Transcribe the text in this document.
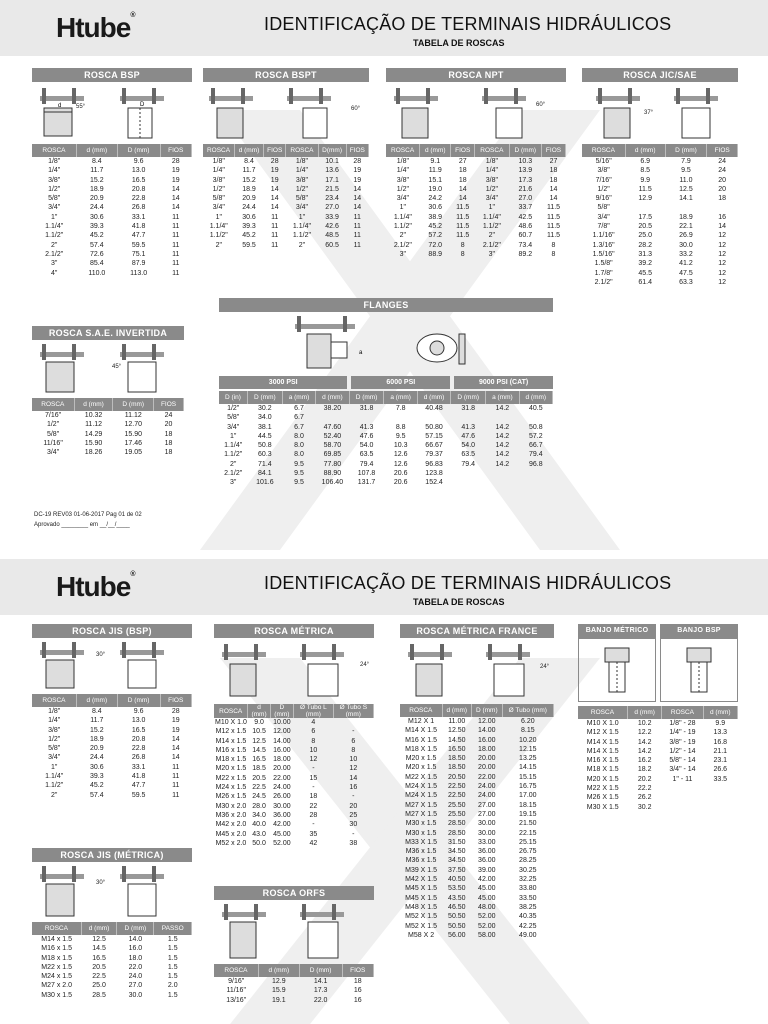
Htube®	IDENTIFICAÇÃO DE TERMINAIS HIDRÁULICOS
TABELA DE ROSCAS
ROSCA BSP
d	D
55°
ROSCA	d (mm)	D (mm)	FIOS
1/8"	8.4	9.6	28
1/4"	11.7	13.0	19
3/8"	15.2	16.5	19
1/2"	18.9	20.8	14
5/8"	20.9	22.8	14
3/4"	24.4	26.8	14
1"	30.6	33.1	11
1.1/4"	39.3	41.8	11
1.1/2"	45.2	47.7	11
2"	57.4	59.5	11
2.1/2"	72.6	75.1	11
3"	85.4	87.9	11
4"	110.0	113.0	11
ROSCA BSPT
60°
ROSCA	d (mm)	FIOS	ROSCA	D(mm)	FIOS
1/8"	8.4	28	1/8"	10.1	28
1/4"	11.7	19	1/4"	13.6	19
3/8"	15.2	19	3/8"	17.1	19
1/2"	18.9	14	1/2"	21.5	14
5/8"	20.9	14	5/8"	23.4	14
3/4"	24.4	14	3/4"	27.0	14
1"	30.6	11	1"	33.9	11
1.1/4"	39.3	11	1.1/4"	42.6	11
1.1/2"	45.2	11	1.1/2"	48.5	11
2"	59.5	11	2"	60.5	11
ROSCA NPT
60°
ROSCA	d (mm)	FIOS	ROSCA	D (mm)	FIOS
1/8"	9.1	27	1/8"	10.3	27
1/4"	11.9	18	1/4"	13.9	18
3/8"	15.1	18	3/8"	17.3	18
1/2"	19.0	14	1/2"	21.6	14
3/4"	24.2	14	3/4"	27.0	14
1"	30.6	11.5	1"	33.7	11.5
1.1/4"	38.9	11.5	1.1/4"	42.5	11.5
1.1/2"	45.2	11.5	1.1/2"	48.6	11.5
2"	57.2	11.5	2"	60.7	11.5
2.1/2"	72.0	8	2.1/2"	73.4	8
3"	88.9	8	3"	89.2	8
ROSCA JIC/SAE
37°
ROSCA	d (mm)	D (mm)	FIOS
5/16"	6.9	7.9	24
3/8"	8.5	9.5	24
7/16"	9.9	11.0	20
1/2"	11.5	12.5	20
9/16"	12.9	14.1	18
5/8"			
3/4"	17.5	18.9	16
7/8"	20.5	22.1	14
1.1/16"	25.0	26.9	12
1.3/16"	28.2	30.0	12
1.5/16"	31.3	33.2	12
1.5/8"	39.2	41.2	12
1.7/8"	45.5	47.5	12
2.1/2"	61.4	63.3	12
ROSCA S.A.E. INVERTIDA
45°
ROSCA	d (mm)	D (mm)	FIOS
7/16"	10.32	11.12	24
1/2"	11.12	12.70	20
5/8"	14.29	15.90	18
11/16"	15.90	17.46	18
3/4"	18.26	19.05	18
FLANGES
a
3000 PSI	6000 PSI	9000 PSI (CAT)
D (in)	D (mm)	a (mm)	d (mm)	D (mm)	a (mm)	d (mm)	D (mm)	a (mm)	d (mm)
1/2"	30.2	6.7	38.20	31.8	7.8	40.48	31.8	14.2	40.5
5/8"	34.0	6.7							
3/4"	38.1	6.7	47.60	41.3	8.8	50.80	41.3	14.2	50.8
1"	44.5	8.0	52.40	47.6	9.5	57.15	47.6	14.2	57.2
1.1/4"	50.8	8.0	58.70	54.0	10.3	66.67	54.0	14.2	66.7
1.1/2"	60.3	8.0	69.85	63.5	12.6	79.37	63.5	14.2	79.4
2"	71.4	9.5	77.80	79.4	12.6	96.83	79.4	14.2	96.8
2.1/2"	84.1	9.5	88.90	107.8	20.6	123.8			
3"	101.6	9.5	106.40	131.7	20.6	152.4			
DC-19 REV03 01-06-2017 Pag 01 de 02
Aprovado ________ em __/__/____
Htube®	IDENTIFICAÇÃO DE TERMINAIS HIDRÁULICOS
TABELA DE ROSCAS
ROSCA JIS (BSP)
30°
ROSCA	d (mm)	D (mm)	FIOS
1/8"	8.4	9.6	28
1/4"	11.7	13.0	19
3/8"	15.2	16.5	19
1/2"	18.9	20.8	14
5/8"	20.9	22.8	14
3/4"	24.4	26.8	14
1"	30.6	33.1	11
1.1/4"	39.3	41.8	11
1.1/2"	45.2	47.7	11
2"	57.4	59.5	11
ROSCA JIS (MÉTRICA)
30°
ROSCA	d (mm)	D (mm)	PASSO
M14 x 1.5	12.5	14.0	1.5
M16 x 1.5	14.5	16.0	1.5
M18 x 1.5	16.5	18.0	1.5
M22 x 1.5	20.5	22.0	1.5
M24 x 1.5	22.5	24.0	1.5
M27 x 2.0	25.0	27.0	2.0
M30 x 1.5	28.5	30.0	1.5
ROSCA MÉTRICA
24°
ROSCA	d (mm)	D (mm)	Ø Tubo L (mm)	Ø Tubo S (mm)
M10 X 1.0	9.0	10.00	4	
M12 x 1.5	10.5	12.00	6	-
M14 x 1.5	12.5	14.00	8	6
M16 x 1.5	14.5	16.00	10	8
M18 x 1.5	16.5	18.00	12	10
M20 x 1.5	18.5	20.00	-	12
M22 x 1.5	20.5	22.00	15	14
M24 x 1.5	22.5	24.00	-	16
M26 x 1.5	24.5	26.00	18	-
M30 x 2.0	28.0	30.00	22	20
M36 x 2.0	34.0	36.00	28	25
M42 x 2.0	40.0	42.00	-	30
M45 x 2.0	43.0	45.00	35	-
M52 x 2.0	50.0	52.00	42	38
ROSCA ORFS
ROSCA	d (mm)	D (mm)	FIOS
9/16"	12.9	14.1	18
11/16"	15.9	17.3	16
13/16"	19.1	22.0	16
ROSCA MÉTRICA FRANCE
24°
ROSCA	d (mm)	D (mm)	Ø Tubo (mm)
M12 X 1	11.00	12.00	6.20
M14 X 1.5	12.50	14.00	8.15
M16 X 1.5	14.50	16.00	10.20
M18 X 1.5	16.50	18.00	12.15
M20 x 1.5	18.50	20.00	13.25
M20 x 1.5	18.50	20.00	14.15
M22 X 1.5	20.50	22.00	15.15
M24 X 1.5	22.50	24.00	16.75
M24 X 1.5	22.50	24.00	17.00
M27 X 1.5	25.50	27.00	18.15
M27 X 1.5	25.50	27.00	19.15
M30 x 1.5	28.50	30.00	21.50
M30 x 1.5	28.50	30.00	22.15
M33 X 1.5	31.50	33.00	25.15
M36 x 1.5	34.50	36.00	26.75
M36 x 1.5	34.50	36.00	28.25
M39 X 1.5	37.50	39.00	30.25
M42 X 1.5	40.50	42.00	32.25
M45 X 1.5	53.50	45.00	33.80
M45 X 1.5	43.50	45.00	33.50
M48 X 1.5	46.50	48.00	38.25
M52 X 1.5	50.50	52.00	40.35
M52 X 1.5	50.50	52.00	42.25
M58 X 2	56.00	58.00	49.00
BANJO MÉTRICO	BANJO BSP
ROSCA	d (mm)	ROSCA	d (mm)
M10 X 1.0	10.2	1/8" - 28	9.9
M12 X 1.5	12.2	1/4" - 19	13.3
M14 X 1.5	14.2	3/8" - 19	16.8
M14 X 1.5	14.2	1/2" - 14	21.1
M16 X 1.5	16.2	5/8" - 14	23.1
M18 X 1.5	18.2	3/4" - 14	26.6
M20 X 1.5	20.2	1" - 11	33.5
M22 X 1.5	22.2		
M26 X 1.5	26.2		
M30 X 1.5	30.2		
